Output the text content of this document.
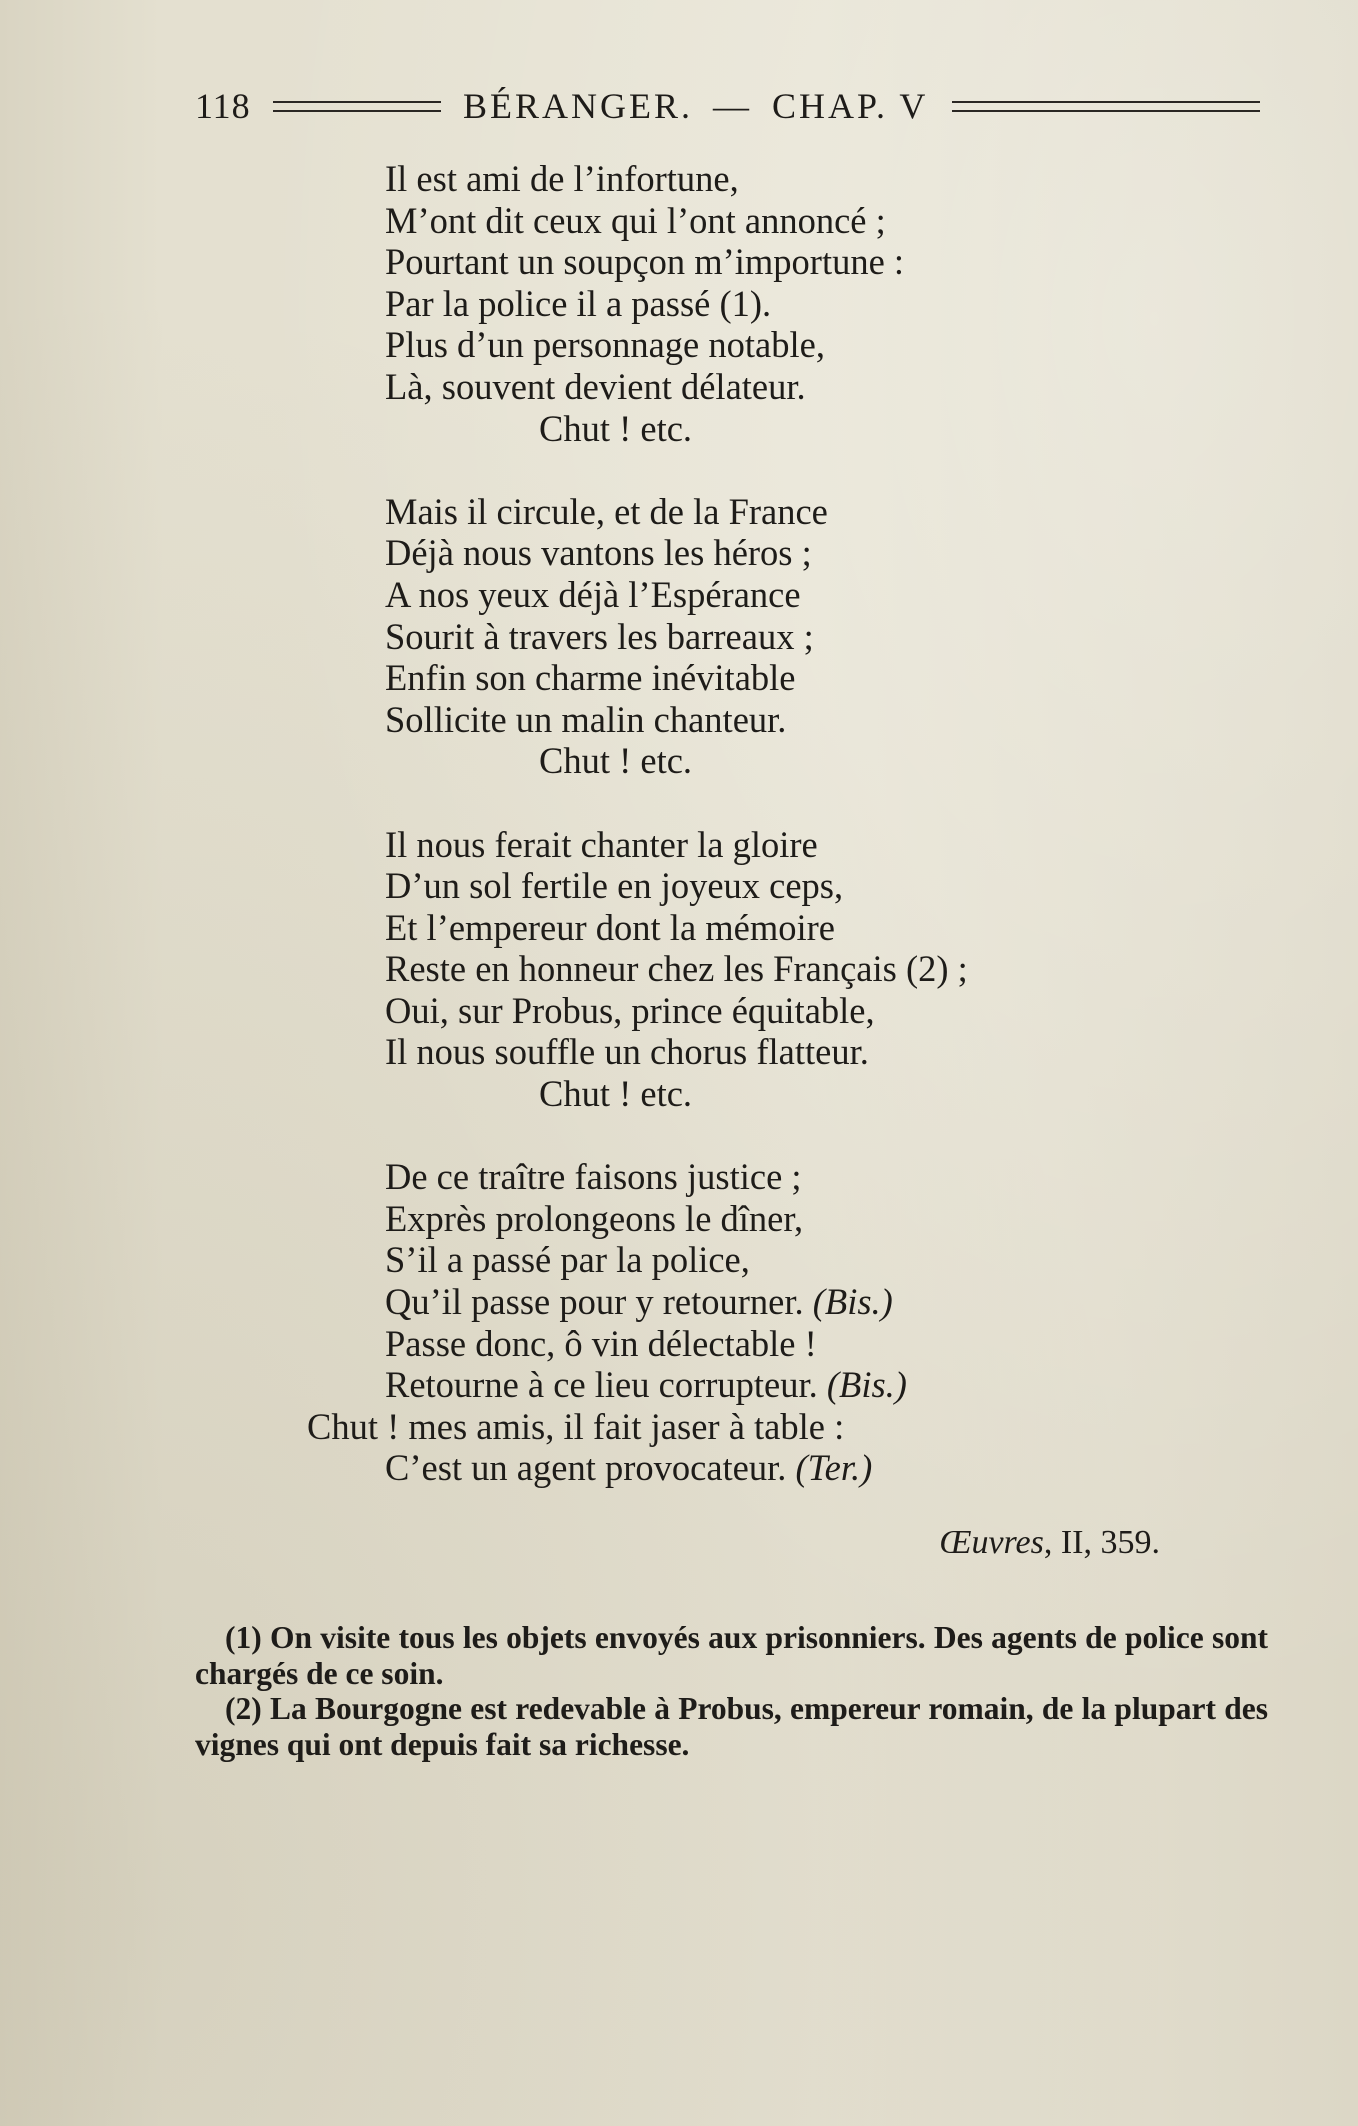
118	BÉRANGER. — CHAP. V
Il est ami de l’infortune,
M’ont dit ceux qui l’ont annoncé ;
Pourtant un soupçon m’importune :
Par la police il a passé (1).
Plus d’un personnage notable,
Là, souvent devient délateur.
Chut ! etc.
Mais il circule, et de la France
Déjà nous vantons les héros ;
A nos yeux déjà l’Espérance
Sourit à travers les barreaux ;
Enfin son charme inévitable
Sollicite un malin chanteur.
Chut ! etc.
Il nous ferait chanter la gloire
D’un sol fertile en joyeux ceps,
Et l’empereur dont la mémoire
Reste en honneur chez les Français (2) ;
Oui, sur Probus, prince équitable,
Il nous souffle un chorus flatteur.
Chut ! etc.
De ce traître faisons justice ;
Exprès prolongeons le dîner,
S’il a passé par la police,
Qu’il passe pour y retourner. (Bis.)
Passe donc, ô vin délectable !
Retourne à ce lieu corrupteur. (Bis.)
Chut ! mes amis, il fait jaser à table :
C’est un agent provocateur. (Ter.)
Œuvres, II, 359.
(1) On visite tous les objets envoyés aux prisonniers. Des agents de police sont chargés de ce soin.
(2) La Bourgogne est redevable à Probus, empereur romain, de la plupart des vignes qui ont depuis fait sa richesse.
